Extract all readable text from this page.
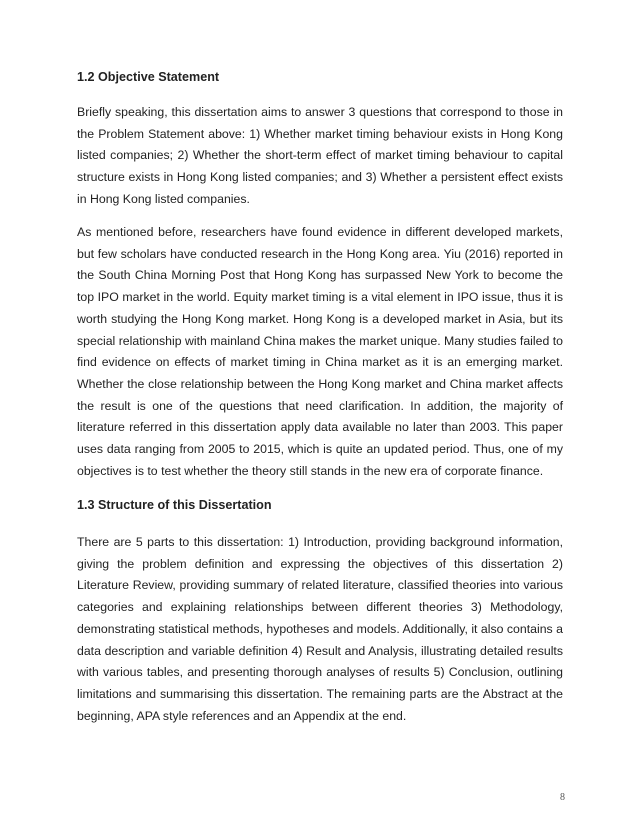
1.2 Objective Statement

Briefly speaking, this dissertation aims to answer 3 questions that correspond to those in the Problem Statement above: 1) Whether market timing behaviour exists in Hong Kong listed companies; 2) Whether the short-term effect of market timing behaviour to capital structure exists in Hong Kong listed companies; and 3) Whether a persistent effect exists in Hong Kong listed companies.

As mentioned before, researchers have found evidence in different developed markets, but few scholars have conducted research in the Hong Kong area. Yiu (2016) reported in the South China Morning Post that Hong Kong has surpassed New York to become the top IPO market in the world. Equity market timing is a vital element in IPO issue, thus it is worth studying the Hong Kong market. Hong Kong is a developed market in Asia, but its special relationship with mainland China makes the market unique. Many studies failed to find evidence on effects of market timing in China market as it is an emerging market. Whether the close relationship between the Hong Kong market and China market affects the result is one of the questions that need clarification. In addition, the majority of literature referred in this dissertation apply data available no later than 2003. This paper uses data ranging from 2005 to 2015, which is quite an updated period. Thus, one of my objectives is to test whether the theory still stands in the new era of corporate finance.

1.3 Structure of this Dissertation

There are 5 parts to this dissertation: 1) Introduction, providing background information, giving the problem definition and expressing the objectives of this dissertation 2) Literature Review, providing summary of related literature, classified theories into various categories and explaining relationships between different theories 3) Methodology, demonstrating statistical methods, hypotheses and models. Additionally, it also contains a data description and variable definition 4) Result and Analysis, illustrating detailed results with various tables, and presenting thorough analyses of results 5) Conclusion, outlining limitations and summarising this dissertation. The remaining parts are the Abstract at the beginning, APA style references and an Appendix at the end.

8
